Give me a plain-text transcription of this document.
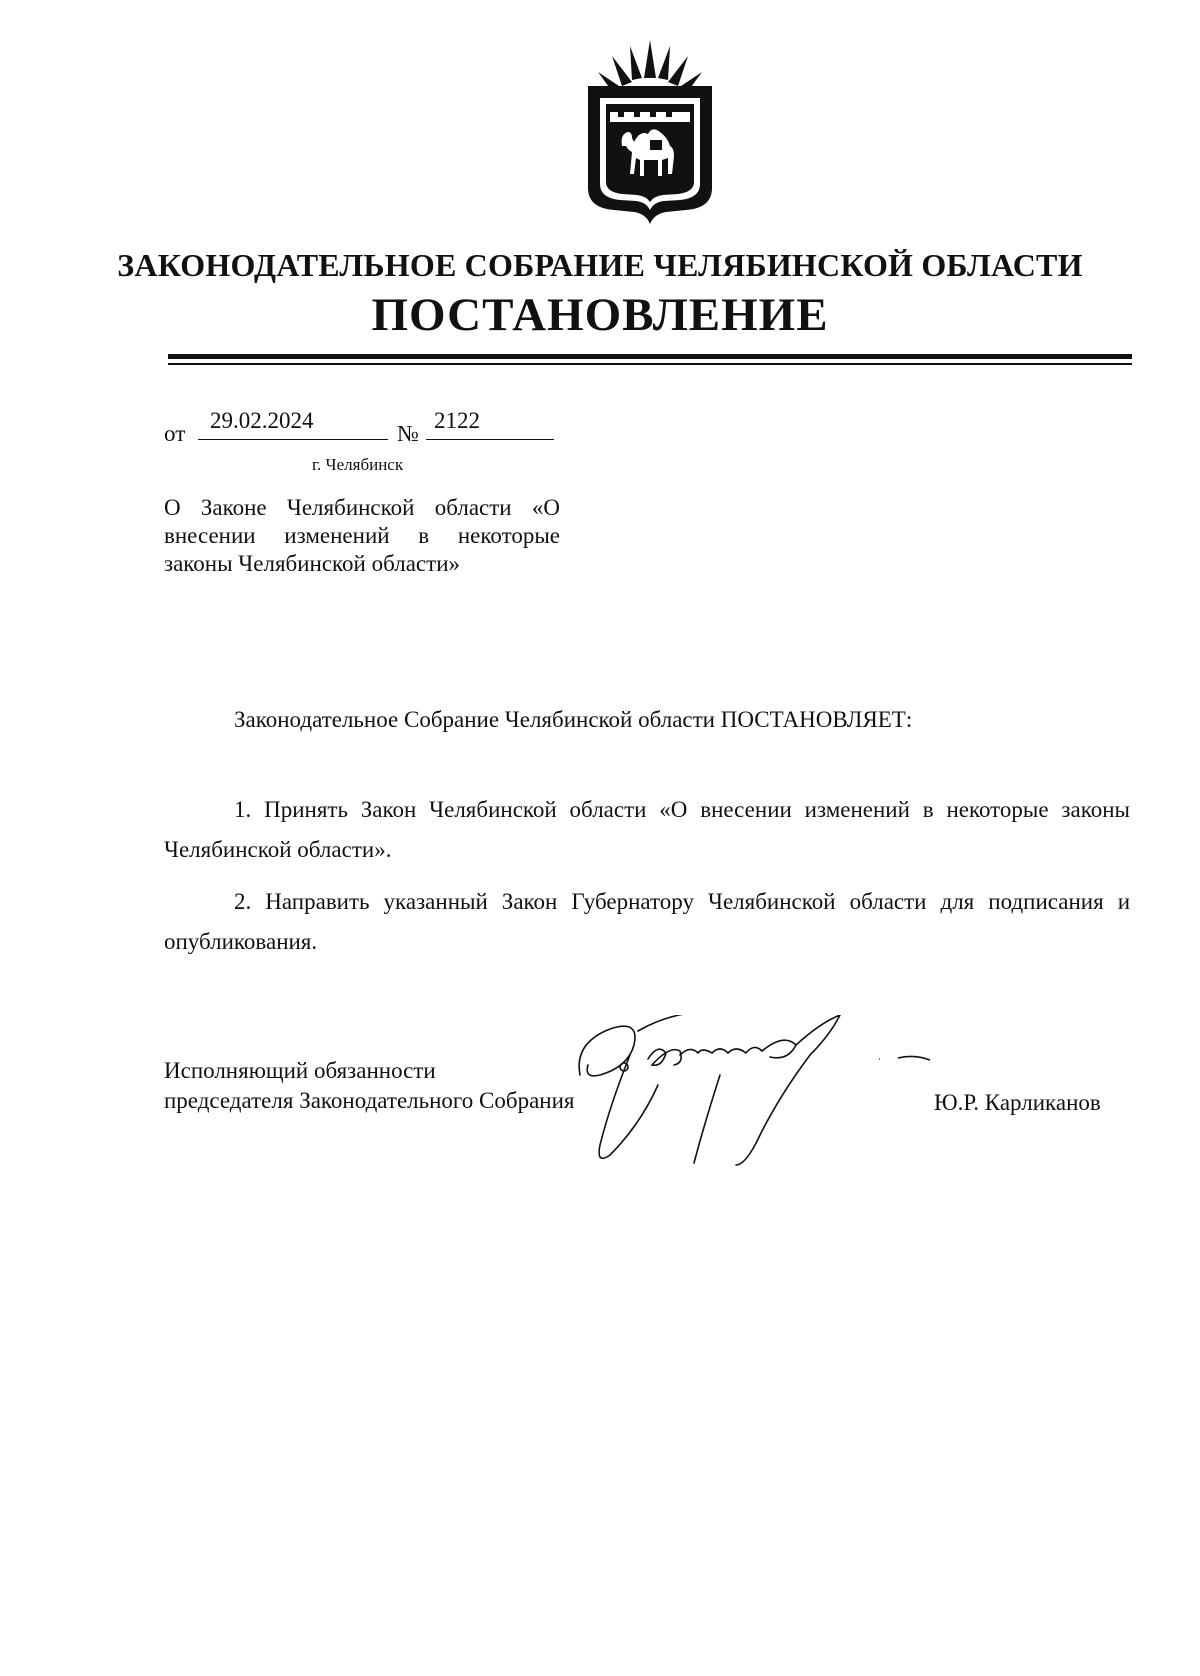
ЗАКОНОДАТЕЛЬНОЕ СОБРАНИЕ ЧЕЛЯБИНСКОЙ ОБЛАСТИ
ПОСТАНОВЛЕНИЕ
от
29.02.2024
№
2122
г. Челябинск
О Законе Челябинской области «О внесении изменений в некоторые законы Челябинской области»
Законодательное Собрание Челябинской области ПОСТАНОВЛЯЕТ:
1. Принять Закон Челябинской области «О внесении изменений в некоторые законы Челябинской области».
2. Направить указанный Закон Губернатору Челябинской области для подписания и опубликования.
Исполняющий обязанности
председателя Законодательного Собрания	Ю.Р. Карликанов
